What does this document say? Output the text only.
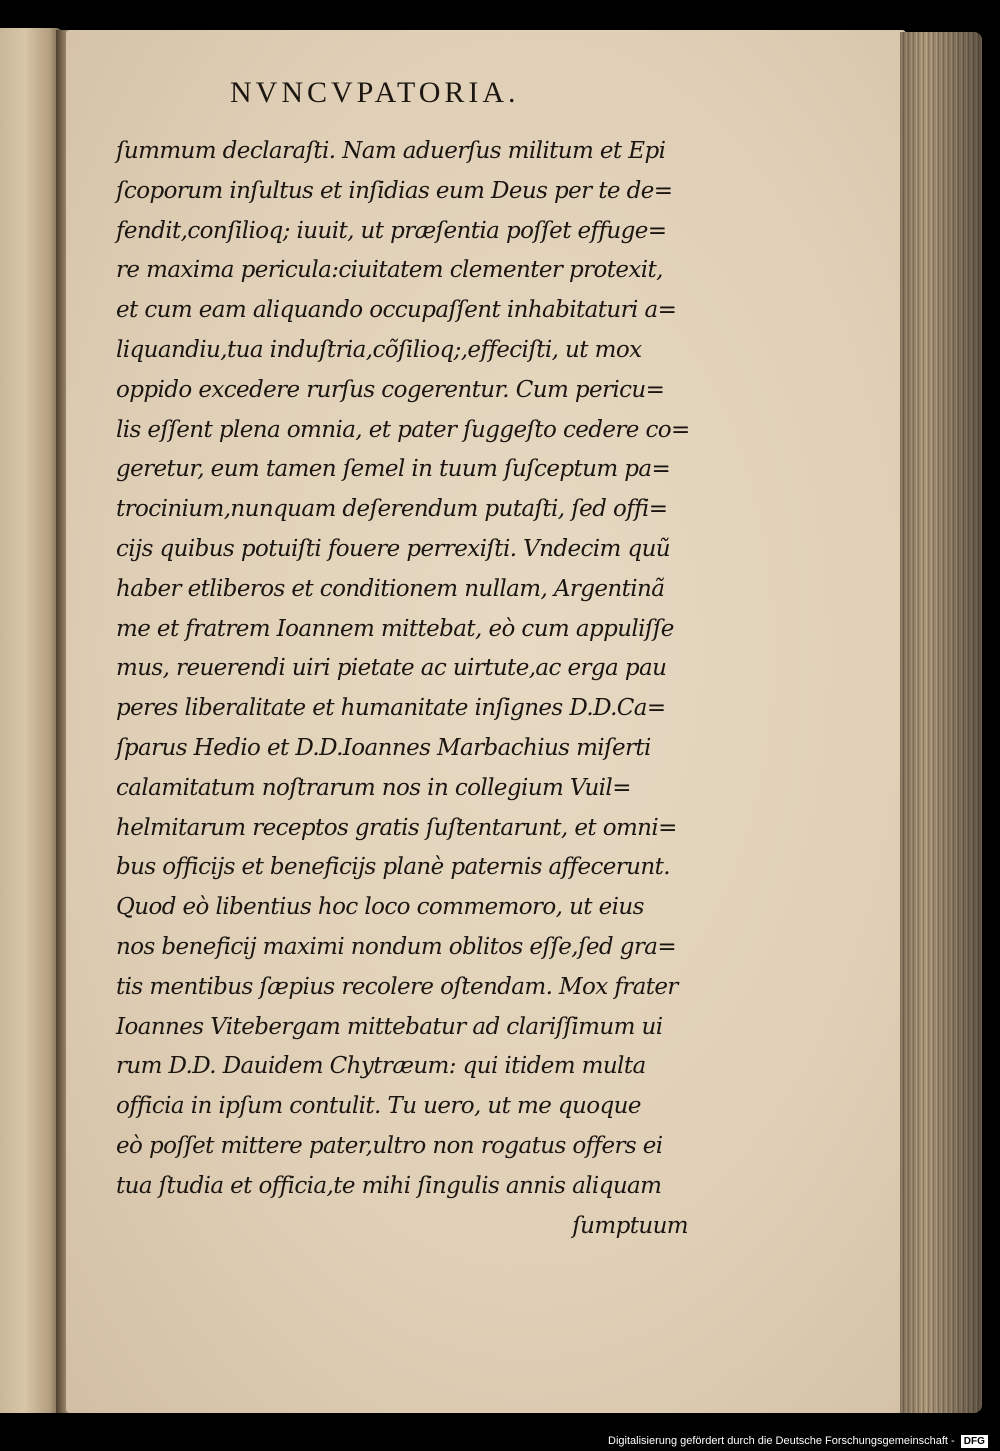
NVNCVPATORIA.
ſummum declaraſti. Nam aduerſus militum et Epi
ſcoporum inſultus et inſidias eum Deus per te de=
fendit,conſilioq; iuuit, ut præſentia poſſet effuge=
re maxima pericula:ciuitatem clementer protexit,
et cum eam aliquando occupaſſent inhabitaturi a=
liquandiu,tua induſtria,cõſilioq;,effeciſti, ut mox
oppido excedere rurſus cogerentur. Cum pericu=
lis eſſent plena omnia, et pater ſuggeſto cedere co=
geretur, eum tamen ſemel in tuum ſuſceptum pa=
trocinium,nunquam deſerendum putaſti, ſed offi=
cijs quibus potuiſti fouere perrexiſti. Vndecim quũ
haber etliberos et conditionem nullam, Argentinã
me et fratrem Ioannem mittebat, eò cum appuliſſe
mus, reuerendi uiri pietate ac uirtute,ac erga pau
peres liberalitate et humanitate inſignes D.D.Ca=
ſparus Hedio et D.D.Ioannes Marbachius miſerti
calamitatum noſtrarum nos in collegium Vuil=
helmitarum receptos gratis ſuſtentarunt, et omni=
bus officijs et beneficijs planè paternis affecerunt.
Quod eò libentius hoc loco commemoro, ut eius
nos beneficij maximi nondum oblitos eſſe,ſed gra=
tis mentibus ſæpius recolere oſtendam. Mox frater
Ioannes Vitebergam mittebatur ad clariſſimum ui
rum D.D. Dauidem Chytræum: qui itidem multa
officia in ipſum contulit. Tu uero, ut me quoque
eò poſſet mittere pater,ultro non rogatus offers ei
tua ſtudia et officia,te mihi ſingulis annis aliquam
ſumptuum
Digitalisierung gefördert durch die Deutsche Forschungsgemeinschaft - DFG
